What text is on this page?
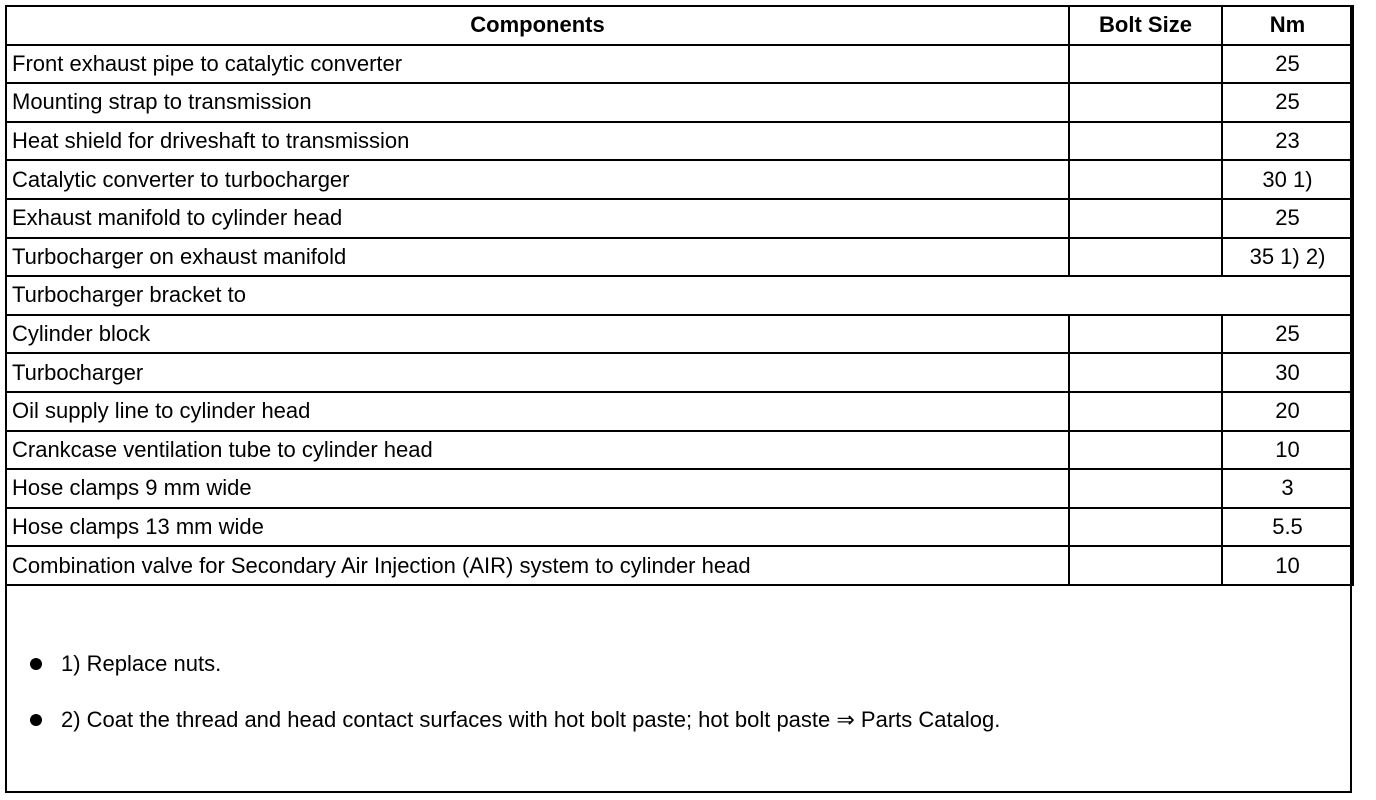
Components	Bolt Size	Nm
Front exhaust pipe to catalytic converter		25
Mounting strap to transmission		25
Heat shield for driveshaft to transmission		23
Catalytic converter to turbocharger		30 1)
Exhaust manifold to cylinder head		25
Turbocharger on exhaust manifold		35 1) 2)
Turbocharger bracket to		
Cylinder block		25
Turbocharger		30
Oil supply line to cylinder head		20
Crankcase ventilation tube to cylinder head		10
Hose clamps 9 mm wide		3
Hose clamps 13 mm wide		5.5
Combination valve for Secondary Air Injection (AIR) system to cylinder head		10
1) Replace nuts.
2) Coat the thread and head contact surfaces with hot bolt paste; hot bolt paste ⇒ Parts Catalog.
